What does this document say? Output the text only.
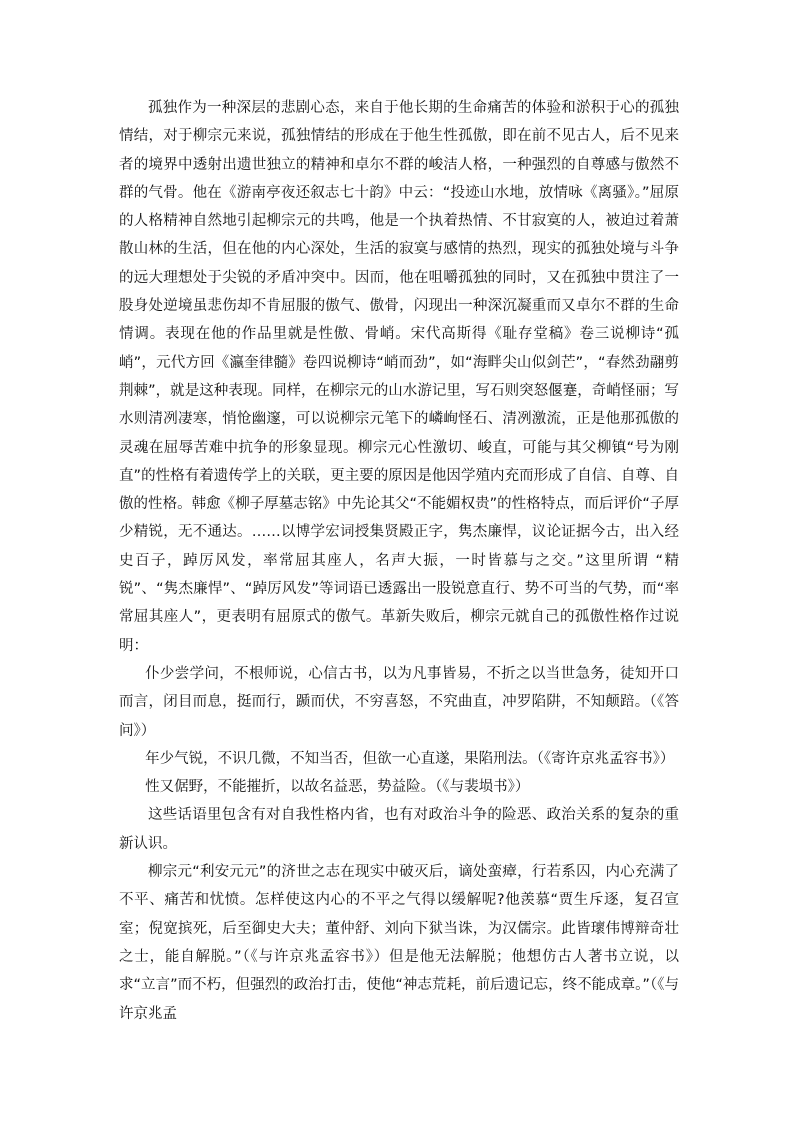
孤独作为一种深层的悲剧心态，来自于他长期的生命痛苦的体验和淤积于心的孤独情结，对于柳宗元来说，孤独情结的形成在于他生性孤傲，即在前不见古人，后不见来者的境界中透射出遗世独立的精神和卓尔不群的峻洁人格，一种强烈的自尊感与傲然不群的气骨。他在《游南亭夜还叙志七十韵》中云：“投迹山水地，放情咏《离骚》。”屈原的人格精神自然地引起柳宗元的共鸣，他是一个执着热情、不甘寂寞的人，被迫过着萧散山林的生活，但在他的内心深处，生活的寂寞与感情的热烈，现实的孤独处境与斗争的远大理想处于尖锐的矛盾冲突中。因而，他在咀嚼孤独的同时，又在孤独中贯注了一股身处逆境虽悲伤却不肯屈服的傲气、傲骨，闪现出一种深沉凝重而又卓尔不群的生命情调。表现在他的作品里就是性傲、骨峭。宋代高斯得《耻存堂稿》卷三说柳诗“孤峭”，元代方回《瀛奎律髓》卷四说柳诗“峭而劲”，如“海畔尖山似剑芒”，“春然劲翮剪荆棘”，就是这种表现。同样，在柳宗元的山水游记里，写石则突怒偃蹇，奇峭怪丽；写水则清冽凄寒，悄怆幽邃，可以说柳宗元笔下的嶙峋怪石、清冽激流，正是他那孤傲的灵魂在屈辱苦难中抗争的形象显现。柳宗元心性激切、峻直，可能与其父柳镇“号为刚直”的性格有着遗传学上的关联，更主要的原因是他因学殖内充而形成了自信、自尊、自傲的性格。韩愈《柳子厚墓志铭》中先论其父“不能媚权贵”的性格特点，而后评价“子厚少精锐，无不通达。……以博学宏词授集贤殿正字，隽杰廉悍，议论证据今古，出入经史百子，踔厉风发，率常屈其座人，名声大振，一时皆慕与之交。”这里所谓 “精锐”、“隽杰廉悍”、“踔厉风发”等词语已透露出一股锐意直行、势不可当的气势，而“率常屈其座人”，更表明有屈原式的傲气。革新失败后，柳宗元就自己的孤傲性格作过说明：

仆少尝学问，不根师说，心信古书，以为凡事皆易，不折之以当世急务，徒知开口而言，闭目而息，挺而行，踬而伏，不穷喜怒，不究曲直，冲罗陷阱，不知颠踣。（《答问》）

年少气锐，不识几微，不知当否，但欲一心直遂，果陷刑法。（《寄许京兆孟容书》）

性又倨野，不能摧折，以故名益恶，势益险。（《与裴埙书》）

这些话语里包含有对自我性格内省，也有对政治斗争的险恶、政治关系的复杂的重新认识。

柳宗元“利安元元”的济世之志在现实中破灭后，谪处蛮瘴，行若系囚，内心充满了不平、痛苦和忧愤。怎样使这内心的不平之气得以缓解呢?他羡慕“贾生斥逐，复召宣室；倪宽摈死，后至御史大夫；董仲舒、刘向下狱当诛，为汉儒宗。此皆瓌伟博辩奇壮之士，能自解脱。”（《与许京兆孟容书》）但是他无法解脱；他想仿古人著书立说，以求“立言”而不朽，但强烈的政治打击，使他“神志荒耗，前后遗记忘，终不能成章。”（《与许京兆孟
